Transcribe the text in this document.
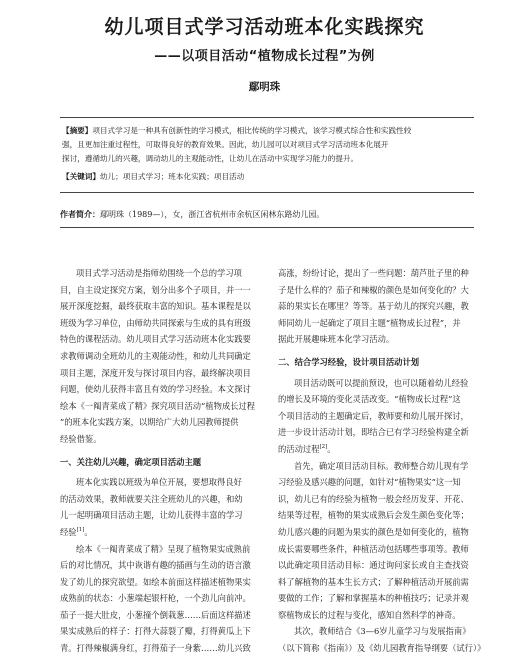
幼儿项目式学习活动班本化实践探究
——以项目活动“植物成长过程”为例
鄢明珠
【摘要】项目式学习是一种具有创新性的学习模式，相比传统的学习模式，该学习模式综合性和实践性较
强，且更加注重过程性，可取得良好的教育效果。因此，幼儿园可以对项目式学习活动班本化展开
探讨，遵循幼儿的兴趣，调动幼儿的主观能动性，让幼儿在活动中实现学习能力的提升。
【关键词】幼儿；项目式学习；班本化实践；项目活动
作者简介：鄢明珠（1989—），女，浙江省杭州市余杭区闲林东路幼儿园。
项目式学习活动是指师幼围绕一个总的学习项
目，自主设定探究方案，划分出多个子项目，并一一
展开深度挖掘，最终获取丰富的知识。基本课程是以
班级为学习单位，由师幼共同探索与生成的具有班级
特色的课程活动。幼儿项目式学习活动班本化实践要
求教师调动全班幼儿的主观能动性，和幼儿共同确定
项目主题，深度开发与探讨项目内容，最终解决项目
问题，使幼儿获得丰富且有效的学习经验。本文探讨
绘本《一阄青菜成了精》探究项目活动“植物成长过程
”的班本化实践方案，以期给广大幼儿园教师提供
经验借鉴。
一、关注幼儿兴趣，确定项目活动主题
班本化实践以班级为单位开展，要想取得良好
的活动效果，教师就要关注全班幼儿的兴趣，和幼
儿一起明确项目活动主题，让幼儿获得丰富的学习
经验[1]。
绘本《一阄青菜成了精》呈现了植物果实成熟前
后的对比情况，其中诙谐有趣的插画与生动的语言激
发了幼儿的探究欲望。如绘本前面这样描述植物果实
成熟前的状态：小葱端起银杆枪，一个劲儿向前冲。
茄子一挺大肚皮，小葱撞个倒栽葱……后面这样描述
果实成熟后的样子：打得大蒜裂了瓣，打得黄瓜上下
青。打得辣椒满身红，打得茄子一身紫……幼儿兴致
高涨，纷纷讨论，提出了一些问题：葫芦肚子里的种
子是什么样的？茄子和辣椒的颜色是如何变化的？大
蒜的果实长在哪里？等等。基于幼儿的探究兴趣，教
师同幼儿一起确定了项目主题“植物成长过程”，并
据此开展趣味班本化学习活动。
二、结合学习经验，设计项目活动计划
项目活动既可以提前预设，也可以随着幼儿经验
的增长及环境的变化灵活改变。“植物成长过程”这
个项目活动的主题确定后，教师要和幼儿展开探讨，
进一步设计活动计划，即结合已有学习经验构建全新
的活动过程[2]。
首先，确定项目活动目标。教师整合幼儿现有学
习经验及感兴趣的问题，如针对“植物果实”这一知
识，幼儿已有的经验为植物一般会经历发芽、开花、
结果等过程，植物的果实成熟后会发生颜色变化等；
幼儿感兴趣的问题为果实的颜色是如何变化的，植物
成长需要哪些条件，种植活动包括哪些事项等。教师
以此确定项目活动目标：通过询问家长或自主查找资
料了解植物的基本生长方式；了解种植活动开展前需
要做的工作；了解和掌握基本的种植技巧；记录并观
察植物成长的过程与变化，感知自然科学的神奇。
其次，教师结合《3—6岁儿童学习与发展指南》
（以下简称《指南》）及《幼儿园教育指导纲要（试行）》
